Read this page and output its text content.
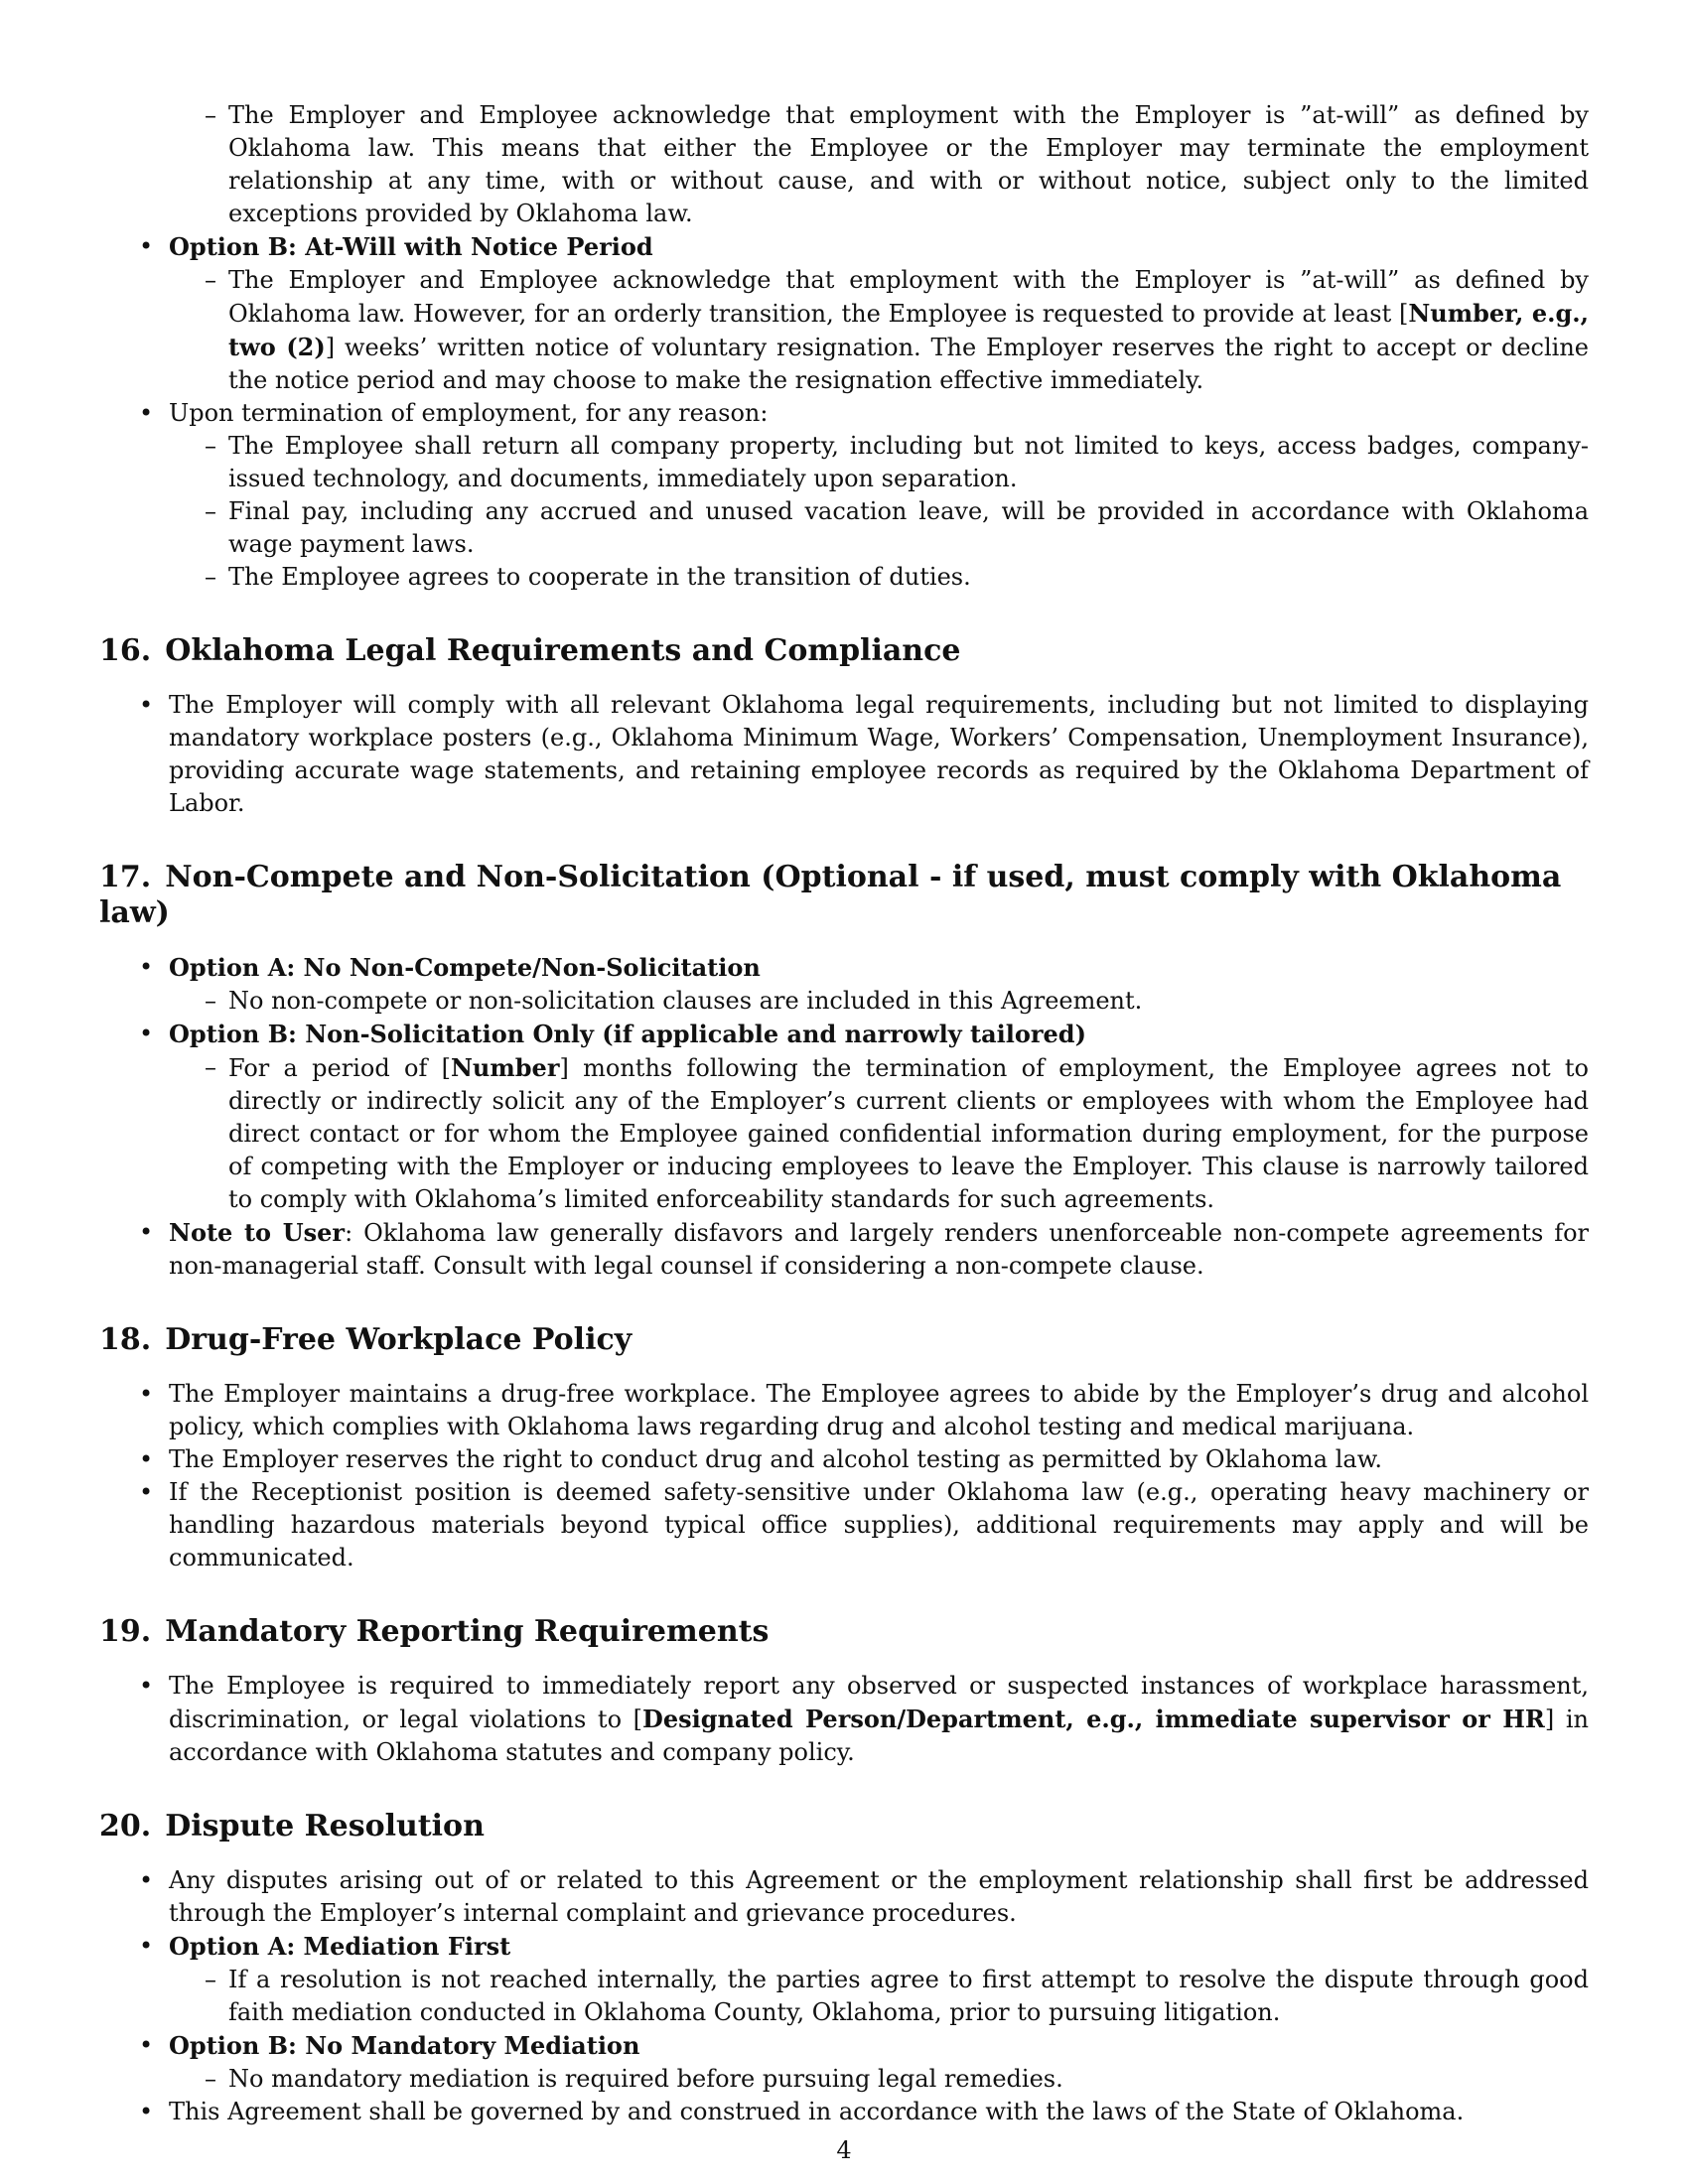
– The Employer and Employee acknowledge that employment with the Employer is ”at-will” as defined by Oklahoma law. This means that either the Employee or the Employer may terminate the employment relationship at any time, with or without cause, and with or without notice, subject only to the limited exceptions provided by Oklahoma law.
• Option B: At-Will with Notice Period
– The Employer and Employee acknowledge that employment with the Employer is ”at-will” as defined by Oklahoma law. However, for an orderly transition, the Employee is requested to provide at least [Number, e.g., two (2)] weeks’ written notice of voluntary resignation. The Employer reserves the right to accept or decline the notice period and may choose to make the resignation effective immediately.
• Upon termination of employment, for any reason:
– The Employee shall return all company property, including but not limited to keys, access badges, company-issued technology, and documents, immediately upon separation.
– Final pay, including any accrued and unused vacation leave, will be provided in accordance with Oklahoma wage payment laws.
– The Employee agrees to cooperate in the transition of duties.
16. Oklahoma Legal Requirements and Compliance
• The Employer will comply with all relevant Oklahoma legal requirements, including but not limited to displaying mandatory workplace posters (e.g., Oklahoma Minimum Wage, Workers’ Compensation, Unemployment Insurance), providing accurate wage statements, and retaining employee records as required by the Oklahoma Department of Labor.
17. Non-Compete and Non-Solicitation (Optional - if used, must comply with Oklahoma law)
• Option A: No Non-Compete/Non-Solicitation
– No non-compete or non-solicitation clauses are included in this Agreement.
• Option B: Non-Solicitation Only (if applicable and narrowly tailored)
– For a period of [Number] months following the termination of employment, the Employee agrees not to directly or indirectly solicit any of the Employer’s current clients or employees with whom the Employee had direct contact or for whom the Employee gained confidential information during employment, for the purpose of competing with the Employer or inducing employees to leave the Employer. This clause is narrowly tailored to comply with Oklahoma’s limited enforceability standards for such agreements.
• Note to User: Oklahoma law generally disfavors and largely renders unenforceable non-compete agreements for non-managerial staff. Consult with legal counsel if considering a non-compete clause.
18. Drug-Free Workplace Policy
• The Employer maintains a drug-free workplace. The Employee agrees to abide by the Employer’s drug and alcohol policy, which complies with Oklahoma laws regarding drug and alcohol testing and medical marijuana.
• The Employer reserves the right to conduct drug and alcohol testing as permitted by Oklahoma law.
• If the Receptionist position is deemed safety-sensitive under Oklahoma law (e.g., operating heavy machinery or handling hazardous materials beyond typical office supplies), additional requirements may apply and will be communicated.
19. Mandatory Reporting Requirements
• The Employee is required to immediately report any observed or suspected instances of workplace harassment, discrimination, or legal violations to [Designated Person/Department, e.g., immediate supervisor or HR] in accordance with Oklahoma statutes and company policy.
20. Dispute Resolution
• Any disputes arising out of or related to this Agreement or the employment relationship shall first be addressed through the Employer’s internal complaint and grievance procedures.
• Option A: Mediation First
– If a resolution is not reached internally, the parties agree to first attempt to resolve the dispute through good faith mediation conducted in Oklahoma County, Oklahoma, prior to pursuing litigation.
• Option B: No Mandatory Mediation
– No mandatory mediation is required before pursuing legal remedies.
• This Agreement shall be governed by and construed in accordance with the laws of the State of Oklahoma.
4
